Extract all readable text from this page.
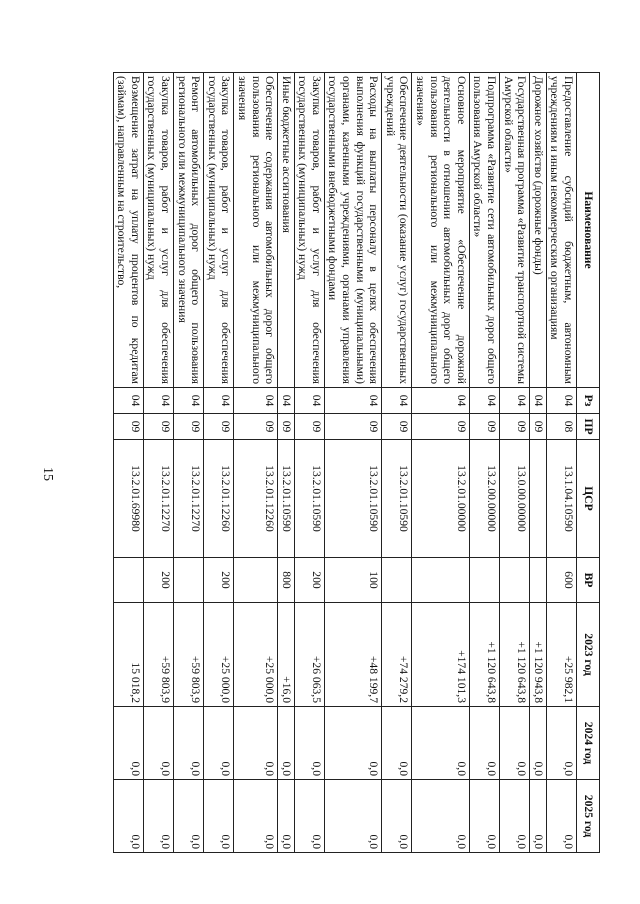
15
Наименование	Рз	ПР	ЦСР	ВР	2023 год	2024 год	2025 год
Предоставление субсидий бюджетным, автономным учреждениям и иным некоммерческим организациям	04	08	13.1.04.10590	600	+25 982,1	0,0	0,0
Дорожное хозяйство (дорожные фонды)	04	09			+1 120 943,8	0,0	0,0
Государственная программа «Развитие транспортной системы Амурской области»	04	09	13.0.00.00000		+1 120 643,8	0,0	0,0
Подпрограмма «Развитие сети автомобильных дорог общего пользования Амурской области»	04	09	13.2.00.00000		+1 120 643,8	0,0	0,0
Основное мероприятие «Обеспечение дорожной деятельности в отношении автомобильных дорог общего пользования регионального или межмуниципального значения»	04	09	13.2.01.00000		+174 101,3	0,0	0,0
Обеспечение деятельности (оказание услуг) государственных учреждений	04	09	13.2.01.10590		+74 279,2	0,0	0,0
Расходы на выплаты персоналу в целях обеспечения выполнения функций государственными (муниципальными) органами, казенными учреждениями, органами управления государственными внебюджетными фондами	04	09	13.2.01.10590	100	+48 199,7	0,0	0,0
Закупка товаров, работ и услуг для обеспечения государственных (муниципальных) нужд	04	09	13.2.01.10590	200	+26 063,5	0,0	0,0
Иные бюджетные ассигнования	04	09	13.2.01.10590	800	+16,0	0,0	0,0
Обеспечение содержания автомобильных дорог общего пользования регионального или межмуниципального значения	04	09	13.2.01.12260		+25 000,0	0,0	0,0
Закупка товаров, работ и услуг для обеспечения государственных (муниципальных) нужд	04	09	13.2.01.12260	200	+25 000,0	0,0	0,0
Ремонт автомобильных дорог общего пользования регионального или межмуниципального значения	04	09	13.2.01.12270		+59 803,9	0,0	0,0
Закупка товаров, работ и услуг для обеспечения государственных (муниципальных) нужд	04	09	13.2.01.12270	200	+59 803,9	0,0	0,0
Возмещение затрат на уплату процентов по кредитам (займам), направленным на строительство,	04	09	13.2.01.69980		15 018,2	0,0	0,0
